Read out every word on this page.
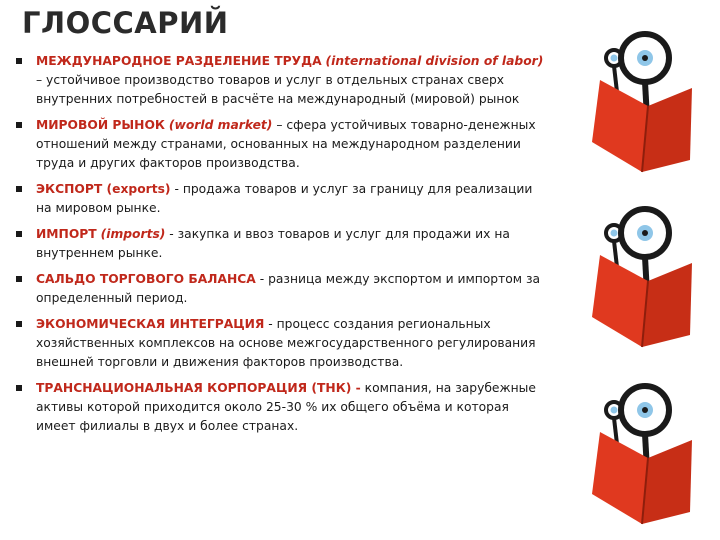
ГЛОССАРИЙ
МЕЖДУНАРОДНОЕ РАЗДЕЛЕНИЕ ТРУДА (international division of labor) – устойчивое производство товаров и услуг в отдельных странах сверх внутренних потребностей в расчёте на международный (мировой) рынок
МИРОВОЙ РЫНОК (world market) – сфера устойчивых товарно-денежных отношений между странами, основанных на международном разделении труда и других факторов производства.
ЭКСПОРТ (exports) - продажа товаров и услуг за границу для реализации на мировом рынке.
ИМПОРТ (imports) - закупка и ввоз товаров и услуг для продажи их на внутреннем рынке.
САЛЬДО ТОРГОВОГО БАЛАНСА - разница между экспортом и импортом за определенный период.
ЭКОНОМИЧЕСКАЯ ИНТЕГРАЦИЯ - процесс создания региональных хозяйственных комплексов на основе межгосударственного регулирования внешней торговли и движения факторов производства.
ТРАНСНАЦИОНАЛЬНАЯ КОРПОРАЦИЯ (ТНК) - компания, на зарубежные активы которой приходится около 25-30 % их общего объёма и которая имеет филиалы в двух и более странах.
